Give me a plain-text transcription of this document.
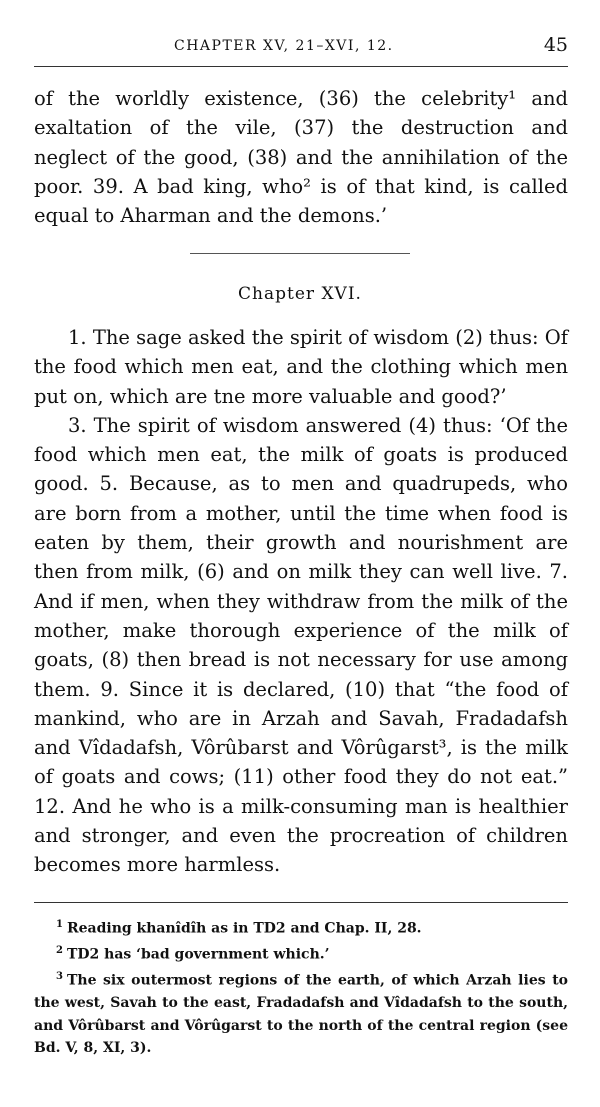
CHAPTER XV, 21–XVI, 12.	45

of the worldly existence, (36) the celebrity¹ and exaltation of the vile, (37) the destruction and neglect of the good, (38) and the annihilation of the poor. 39. A bad king, who² is of that kind, is called equal to Aharman and the demons.’

Chapter XVI.

1. The sage asked the spirit of wisdom (2) thus: Of the food which men eat, and the clothing which men put on, which are tne more valuable and good?’

3. The spirit of wisdom answered (4) thus: ‘Of the food which men eat, the milk of goats is produced good. 5. Because, as to men and quadrupeds, who are born from a mother, until the time when food is eaten by them, their growth and nourishment are then from milk, (6) and on milk they can well live. 7. And if men, when they withdraw from the milk of the mother, make thorough experience of the milk of goats, (8) then bread is not necessary for use among them. 9. Since it is declared, (10) that “the food of mankind, who are in Arzah and Savah, Fradadafsh and Vîdadafsh, Vôrûbarst and Vôrûgarst³, is the milk of goats and cows; (11) other food they do not eat.” 12. And he who is a milk-consuming man is healthier and stronger, and even the procreation of children becomes more harmless.

$^1$ Reading khanîdîh as in TD2 and Chap. II, 28.

$^2$ TD2 has ‘bad government which.’

$^3$ The six outermost regions of the earth, of which Arzah lies to the west, Savah to the east, Fradadafsh and Vîdadafsh to the south, and Vôrûbarst and Vôrûgarst to the north of the central region (see Bd. V, 8, XI, 3).
